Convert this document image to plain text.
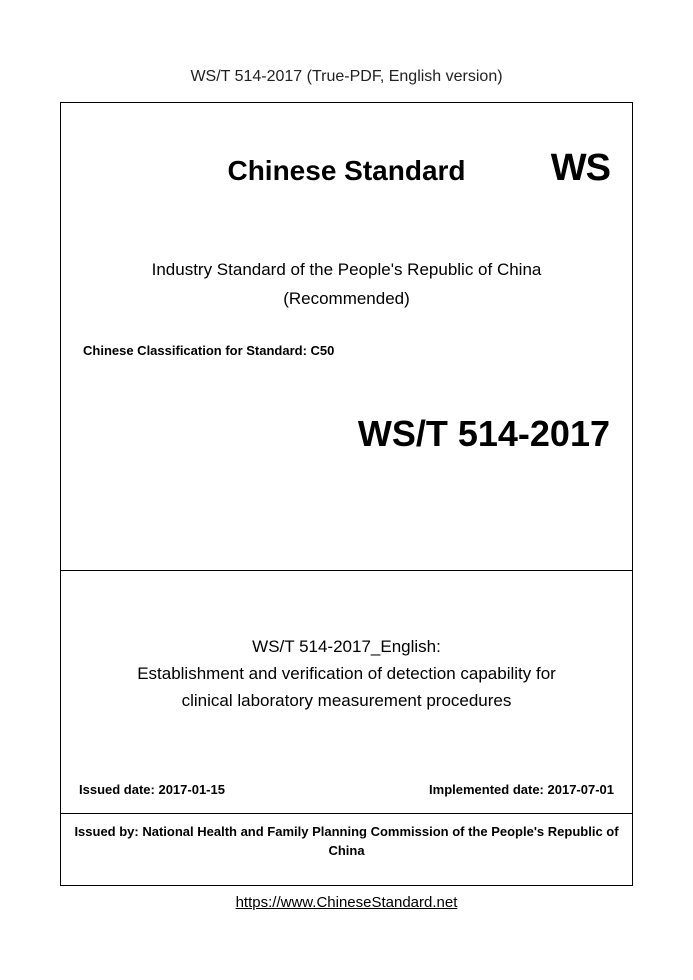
WS/T 514-2017 (True-PDF, English version)
Chinese Standard	WS
Industry Standard of the People's Republic of China
(Recommended)
Chinese Classification for Standard: C50
WS/T 514-2017
WS/T 514-2017_English:
Establishment and verification of detection capability for
clinical laboratory measurement procedures
Issued date: 2017-01-15	Implemented date: 2017-07-01
Issued by: National Health and Family Planning Commission of the People's Republic of China
https://www.ChineseStandard.net
